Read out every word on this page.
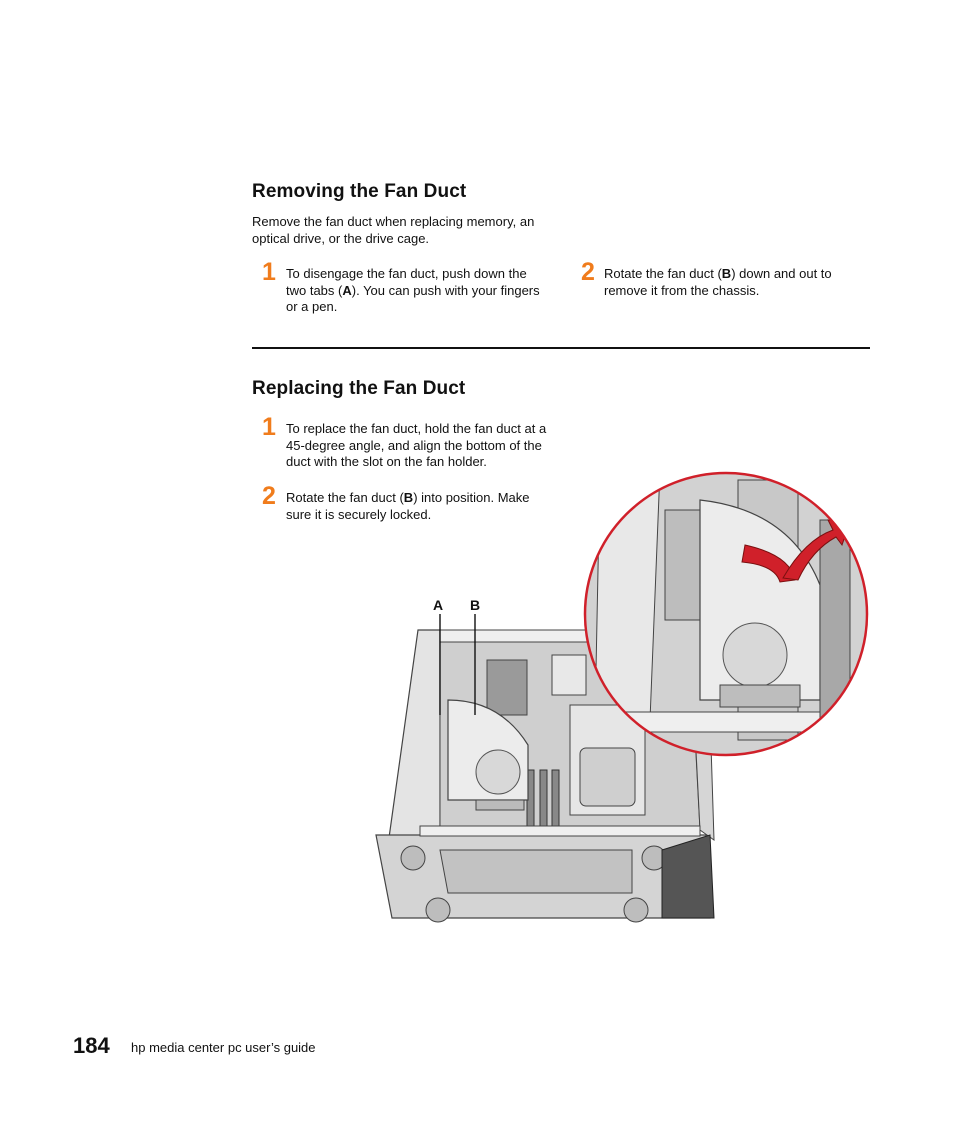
Removing the Fan Duct
Remove the fan duct when replacing memory, an
optical drive, or the drive cage.
1 To disengage the fan duct, push down the
two tabs (A). You can push with your fingers
or a pen.
2 Rotate the fan duct (B) down and out to
remove it from the chassis.
Replacing the Fan Duct
1 To replace the fan duct, hold the fan duct at a
45-degree angle, and align the bottom of the
duct with the slot on the fan holder.
2 Rotate the fan duct (B) into position. Make
sure it is securely locked.
A B
184 hp media center pc user’s guide
